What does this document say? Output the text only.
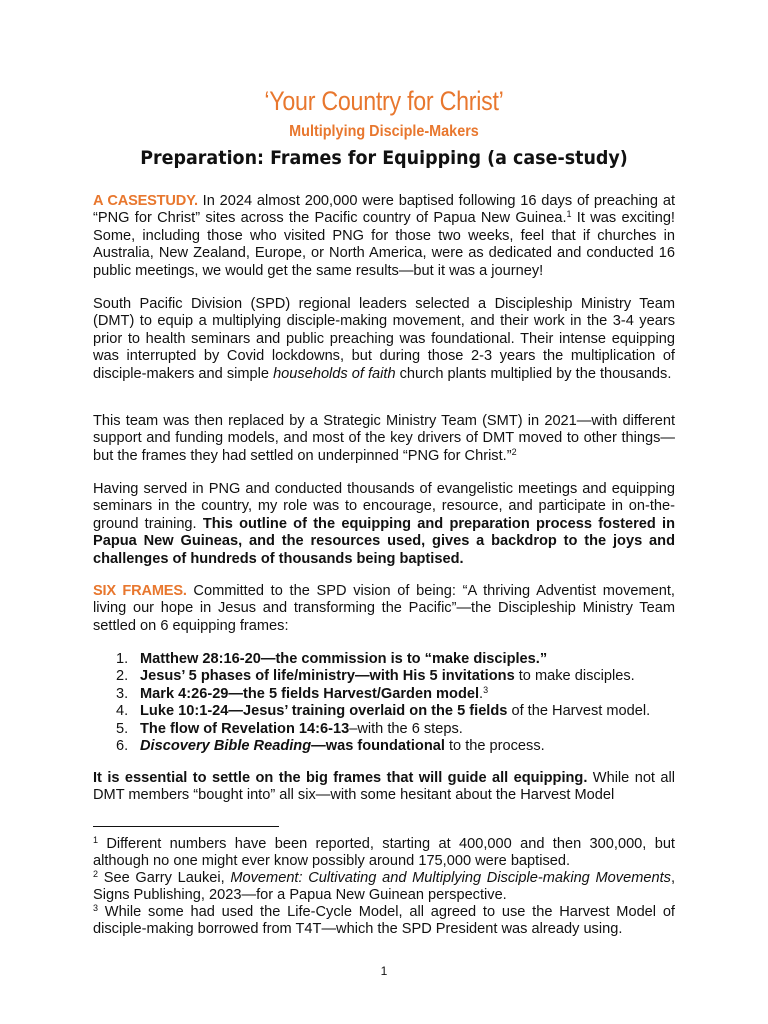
‘Your Country for Christ’
Multiplying Disciple-Makers
Preparation: Frames for Equipping (a case-study)

A CASESTUDY. In 2024 almost 200,000 were baptised following 16 days of preaching at “PNG for Christ” sites across the Pacific country of Papua New Guinea.$^1$ It was exciting! Some, including those who visited PNG for those two weeks, feel that if churches in Australia, New Zealand, Europe, or North America, were as dedicated and conducted 16 public meetings, we would get the same results—but it was a journey!

South Pacific Division (SPD) regional leaders selected a Discipleship Ministry Team (DMT) to equip a multiplying disciple-making movement, and their work in the 3-4 years prior to health seminars and public preaching was foundational. Their intense equipping was interrupted by Covid lockdowns, but during those 2-3 years the multiplication of disciple-makers and simple households of faith church plants multiplied by the thousands.

This team was then replaced by a Strategic Ministry Team (SMT) in 2021—with different support and funding models, and most of the key drivers of DMT moved to other things—but the frames they had settled on underpinned “PNG for Christ.”$^2$

Having served in PNG and conducted thousands of evangelistic meetings and equipping seminars in the country, my role was to encourage, resource, and participate in on-the-ground training. This outline of the equipping and preparation process fostered in Papua New Guineas, and the resources used, gives a backdrop to the joys and challenges of hundreds of thousands being baptised.

SIX FRAMES. Committed to the SPD vision of being: “A thriving Adventist movement, living our hope in Jesus and transforming the Pacific”—the Discipleship Ministry Team settled on 6 equipping frames:

1. Matthew 28:16-20—the commission is to “make disciples.”
2. Jesus’ 5 phases of life/ministry—with His 5 invitations to make disciples.
3. Mark 4:26-29—the 5 fields Harvest/Garden model.$^3$
4. Luke 10:1-24—Jesus’ training overlaid on the 5 fields of the Harvest model.
5. The flow of Revelation 14:6-13–with the 6 steps.
6. Discovery Bible Reading—was foundational to the process.

It is essential to settle on the big frames that will guide all equipping. While not all DMT members “bought into” all six—with some hesitant about the Harvest Model

$^1$ Different numbers have been reported, starting at 400,000 and then 300,000, but although no one might ever know possibly around 175,000 were baptised.

$^2$ See Garry Laukei, Movement: Cultivating and Multiplying Disciple-making Movements, Signs Publishing, 2023—for a Papua New Guinean perspective.

$^3$ While some had used the Life-Cycle Model, all agreed to use the Harvest Model of disciple-making borrowed from T4T—which the SPD President was already using.

1
